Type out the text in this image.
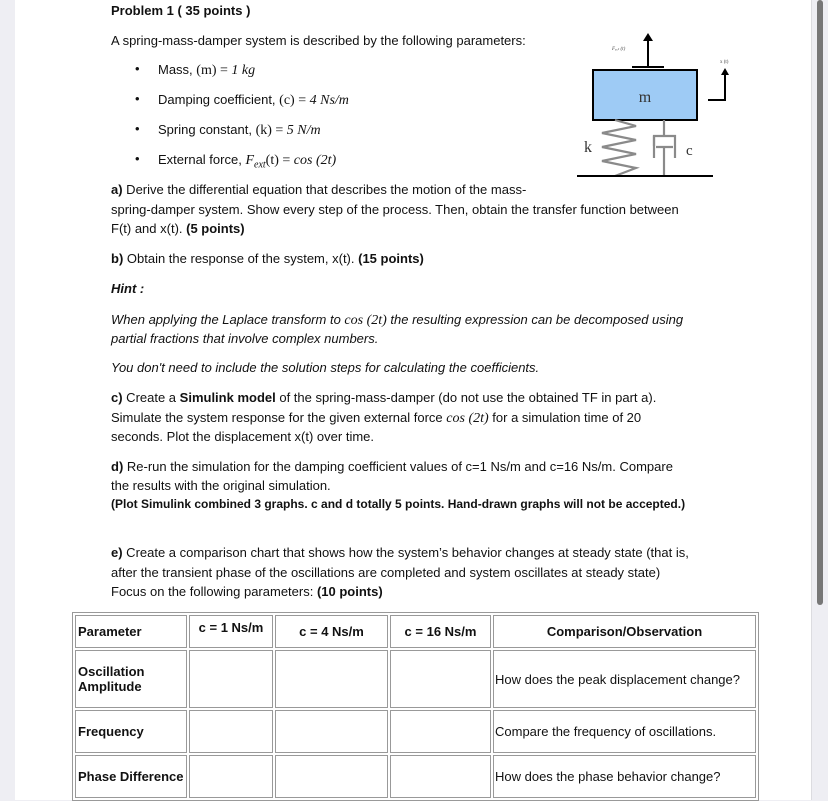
Problem 1 ( 35 points )
A spring-mass-damper system is described by the following parameters:
• Mass, (m) = 1 kg
• Damping coefficient, (c) = 4 Ns/m
• Spring constant, (k) = 5 N/m
• External force, $F_{ext}(t) = \cos (2t)$
Fₑₓₜ (t)
m
x (t)
k	c
a) Derive the differential equation that describes the motion of the mass-
spring-damper system. Show every step of the process. Then, obtain the transfer function between
F(t) and x(t). (5 points)
b) Obtain the response of the system, x(t). (15 points)
Hint :
When applying the Laplace transform to cos (2t) the resulting expression can be decomposed using
partial fractions that involve complex numbers.
You don't need to include the solution steps for calculating the coefficients.
c) Create a Simulink model of the spring-mass-damper (do not use the obtained TF in part a).
Simulate the system response for the given external force cos (2t) for a simulation time of 20
seconds. Plot the displacement x(t) over time.
d) Re-run the simulation for the damping coefficient values of c=1 Ns/m and c=16 Ns/m. Compare
the results with the original simulation.
(Plot Simulink combined 3 graphs. c and d totally 5 points. Hand-drawn graphs will not be accepted.)
e) Create a comparison chart that shows how the system’s behavior changes at steady state (that is,
after the transient phase of the oscillations are completed and system oscillates at steady state)
Focus on the following parameters: (10 points)
Parameter	c = 1 Ns/m	c = 4 Ns/m	c = 16 Ns/m	Comparison/Observation
Oscillation Amplitude				How does the peak displacement change?
Frequency				Compare the frequency of oscillations.
Phase Difference				How does the phase behavior change?
